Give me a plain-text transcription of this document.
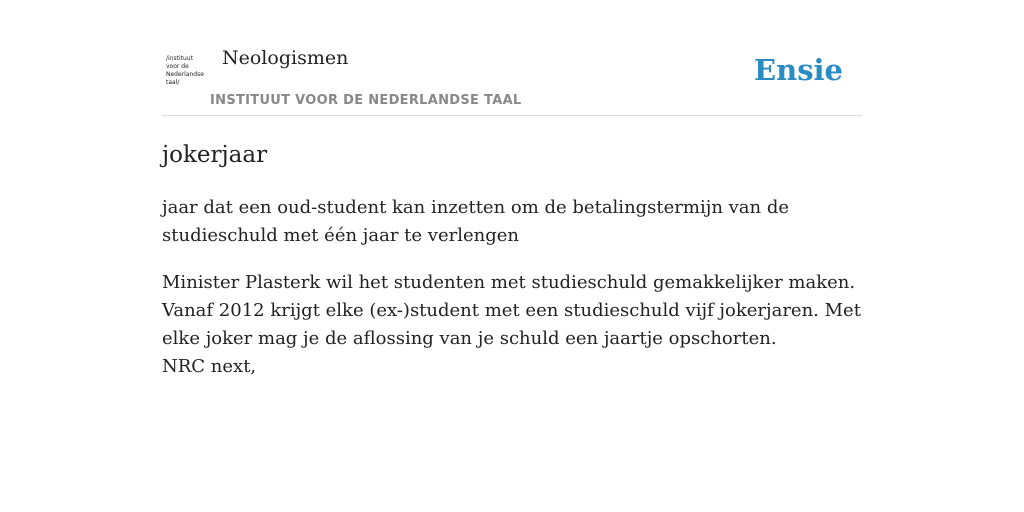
/instituut
voor de
Nederlandse
taal/
Neologismen
INSTITUUT VOOR DE NEDERLANDSE TAAL
Ensie
jokerjaar

jaar dat een oud-student kan inzetten om de betalingstermijn van de studieschuld met één jaar te verlengen

Minister Plasterk wil het studenten met studieschuld gemakkelijker maken. Vanaf 2012 krijgt elke (ex-)student met een studieschuld vijf jokerjaren. Met elke joker mag je de aflossing van je schuld een jaartje opschorten.
NRC next,
